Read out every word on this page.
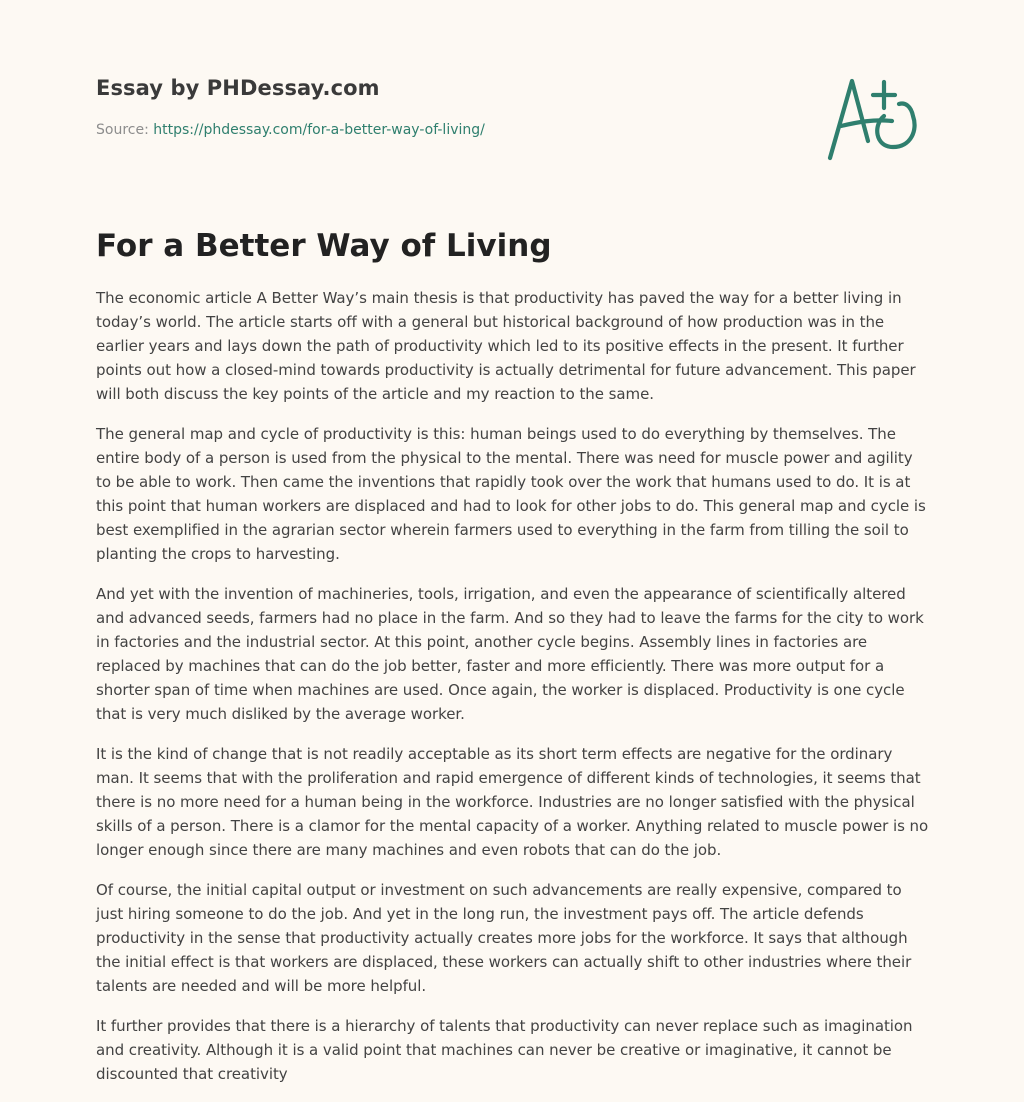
Essay by PHDessay.com
Source: https://phdessay.com/for-a-better-way-of-living/
For a Better Way of Living

The economic article A Better Way’s main thesis is that productivity has paved the way for a better living in today’s world. The article starts off with a general but historical background of how production was in the earlier years and lays down the path of productivity which led to its positive effects in the present. It further points out how a closed-mind towards productivity is actually detrimental for future advancement. This paper will both discuss the key points of the article and my reaction to the same.

The general map and cycle of productivity is this: human beings used to do everything by themselves. The entire body of a person is used from the physical to the mental. There was need for muscle power and agility to be able to work. Then came the inventions that rapidly took over the work that humans used to do. It is at this point that human workers are displaced and had to look for other jobs to do. This general map and cycle is best exemplified in the agrarian sector wherein farmers used to everything in the farm from tilling the soil to planting the crops to harvesting.

And yet with the invention of machineries, tools, irrigation, and even the appearance of scientifically altered and advanced seeds, farmers had no place in the farm. And so they had to leave the farms for the city to work in factories and the industrial sector. At this point, another cycle begins. Assembly lines in factories are replaced by machines that can do the job better, faster and more efficiently. There was more output for a shorter span of time when machines are used. Once again, the worker is displaced. Productivity is one cycle that is very much disliked by the average worker.

It is the kind of change that is not readily acceptable as its short term effects are negative for the ordinary man. It seems that with the proliferation and rapid emergence of different kinds of technologies, it seems that there is no more need for a human being in the workforce. Industries are no longer satisfied with the physical skills of a person. There is a clamor for the mental capacity of a worker. Anything related to muscle power is no longer enough since there are many machines and even robots that can do the job.

Of course, the initial capital output or investment on such advancements are really expensive, compared to just hiring someone to do the job. And yet in the long run, the investment pays off. The article defends productivity in the sense that productivity actually creates more jobs for the workforce. It says that although the initial effect is that workers are displaced, these workers can actually shift to other industries where their talents are needed and will be more helpful.

It further provides that there is a hierarchy of talents that productivity can never replace such as imagination and creativity. Although it is a valid point that machines can never be creative or imaginative, it cannot be discounted that creativity
